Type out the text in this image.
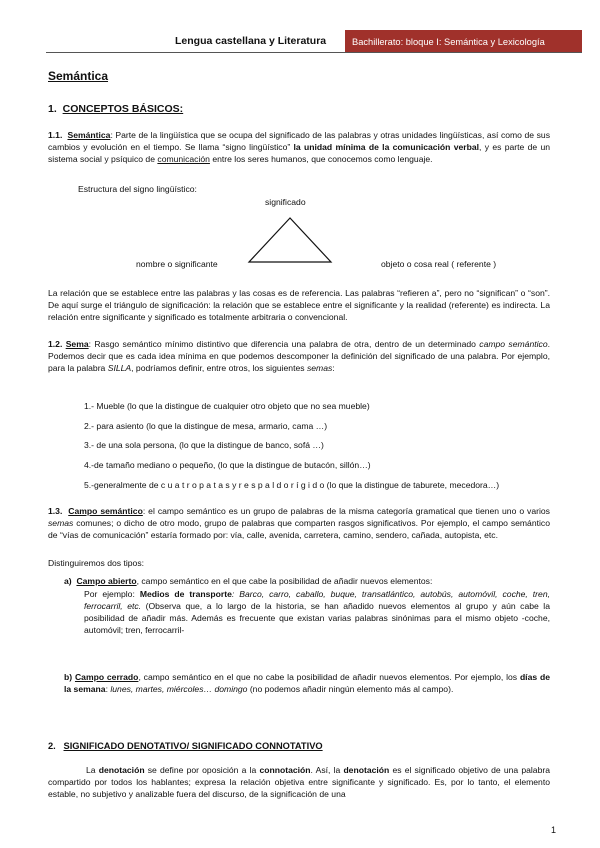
Lengua castellana y Literatura	Bachillerato: bloque I: Semántica y Lexicología
Semántica
1. CONCEPTOS BÁSICOS:
1.1. Semántica: Parte de la lingüística que se ocupa del significado de las palabras y otras unidades lingüísticas, así como de sus cambios y evolución en el tiempo. Se llama “signo lingüístico” la unidad mínima de la comunicación verbal, y es parte de un sistema social y psíquico de comunicación entre los seres humanos, que conocemos como lenguaje.
Estructura del signo lingüístico:
significado
nombre o significante	objeto o cosa real ( referente )
La relación que se establece entre las palabras y las cosas es de referencia. Las palabras “refieren a”, pero no “significan” o “son”. De aquí surge el triángulo de significación: la relación que se establece entre el significante y la realidad (referente) es indirecta. La relación entre significante y significado es totalmente arbitraria o convencional.
1.2. Sema: Rasgo semántico mínimo distintivo que diferencia una palabra de otra, dentro de un determinado campo semántico. Podemos decir que es cada idea mínima en que podemos descomponer la definición del significado de una palabra. Por ejemplo, para la palabra SILLA, podríamos definir, entre otros, los siguientes semas:
1.- Mueble (lo que la distingue de cualquier otro objeto que no sea mueble)
2.- para asiento (lo que la distingue de mesa, armario, cama …)
3.- de una sola persona, (lo que la distingue de banco, sofá …)
4.-de tamaño mediano o pequeño, (lo que la distingue de butacón, sillón…)
5.-generalmente de c u a t r o p a t a s y r e s p a l d o r í g i d o (lo que la distingue de taburete, mecedora…)
1.3. Campo semántico: el campo semántico es un grupo de palabras de la misma categoría gramatical que tienen uno o varios semas comunes; o dicho de otro modo, grupo de palabras que comparten rasgos significativos. Por ejemplo, el campo semántico de “vías de comunicación” estaría formado por: vía, calle, avenida, carretera, camino, sendero, cañada, autopista, etc.
Distinguiremos dos tipos:
a) Campo abierto, campo semántico en el que cabe la posibilidad de añadir nuevos elementos:
Por ejemplo: Medios de transporte: Barco, carro, caballo, buque, transatlántico, autobús, automóvil, coche, tren, ferrocarril, etc. (Observa que, a lo largo de la historia, se han añadido nuevos elementos al grupo y aún cabe la posibilidad de añadir más. Además es frecuente que existan varias palabras sinónimas para el mismo objeto -coche, automóvil; tren, ferrocarril-
b) Campo cerrado, campo semántico en el que no cabe la posibilidad de añadir nuevos elementos. Por ejemplo, los días de la semana: lunes, martes, miércoles… domingo (no podemos añadir ningún elemento más al campo).
2. SIGNIFICADO DENOTATIVO/ SIGNIFICADO CONNOTATIVO
La denotación se define por oposición a la connotación. Así, la denotación es el significado objetivo de una palabra compartido por todos los hablantes; expresa la relación objetiva entre significante y significado. Es, por lo tanto, el elemento estable, no subjetivo y analizable fuera del discurso, de la significación de una
1
